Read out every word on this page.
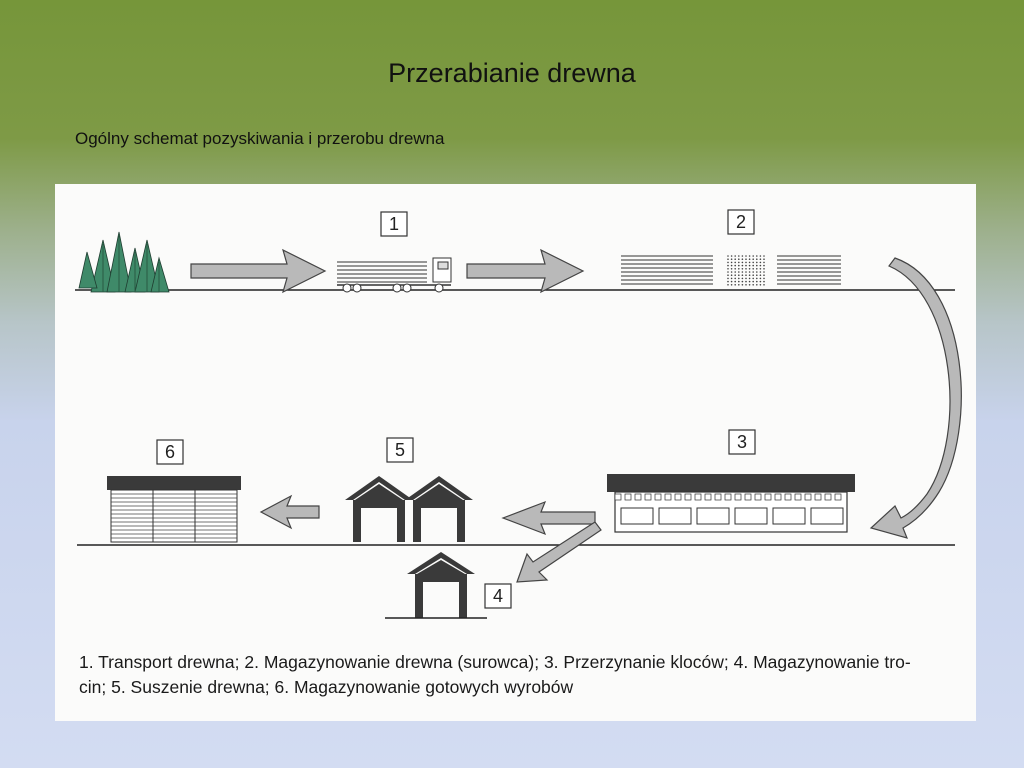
Przerabianie drewna
Ogólny schemat pozyskiwania i przerobu drewna
1	2
3
5
6
4
1. Transport drewna; 2. Magazynowanie drewna (surowca); 3. Przerzynanie kloców; 4. Magazynowanie tro-
cin; 5. Suszenie drewna; 6. Magazynowanie gotowych wyrobów
